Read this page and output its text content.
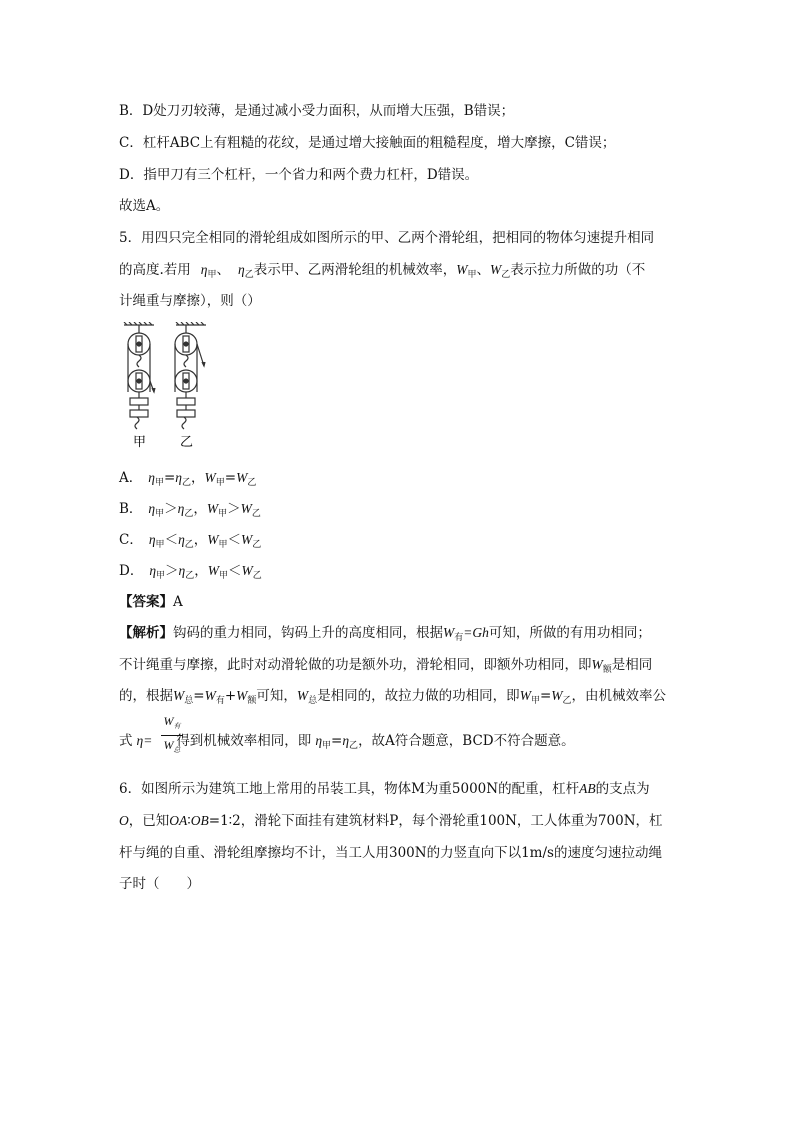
B．D处刀刃较薄，是通过减小受力面积，从而增大压强，B错误；
C．杠杆ABC上有粗糙的花纹，是通过增大接触面的粗糙程度，增大摩擦，C错误；
D．指甲刀有三个杠杆，一个省力和两个费力杠杆，D错误。
故选A。
5．用四只完全相同的滑轮组成如图所示的甲、乙两个滑轮组，把相同的物体匀速提升相同
的高度.若用 $\eta_甲$、 $\eta_乙$表示甲、乙两滑轮组的机械效率，$W_甲$、$W_乙$表示拉力所做的功（不
计绳重与摩擦），则（）
甲	乙
A． $\eta_甲=\eta_乙$，$W_甲=W_乙$
B． $\eta_甲>\eta_乙$，$W_甲>W_乙$
C． $\eta_甲<\eta_乙$，$W_甲<W_乙$
D． $\eta_甲>\eta_乙$，$W_甲<W_乙$
【答案】A
【解析】钩码的重力相同，钩码上升的高度相同，根据$W_有=Gh$可知，所做的有用功相同；
不计绳重与摩擦，此时对动滑轮做的功是额外功，滑轮相同，即额外功相同，即$W_额$是相同
的，根据$W_总=W_有+W_额$可知，$W_总$是相同的，故拉力做的功相同，即$W_甲=W_乙$，由机械效率公
式 η= 得到机械效率相同，即 $\eta_甲=\eta_乙$，故A符合题意，BCD不符合题意。
$W_有$
$W_总$
6．如图所示为建筑工地上常用的吊装工具，物体M为重5000N的配重，杠杆AB的支点为
O，已知OA∶OB=1∶2，滑轮下面挂有建筑材料P，每个滑轮重100N，工人体重为700N，杠
杆与绳的自重、滑轮组摩擦均不计，当工人用300N的力竖直向下以1m/s的速度匀速拉动绳
子时（　　）
